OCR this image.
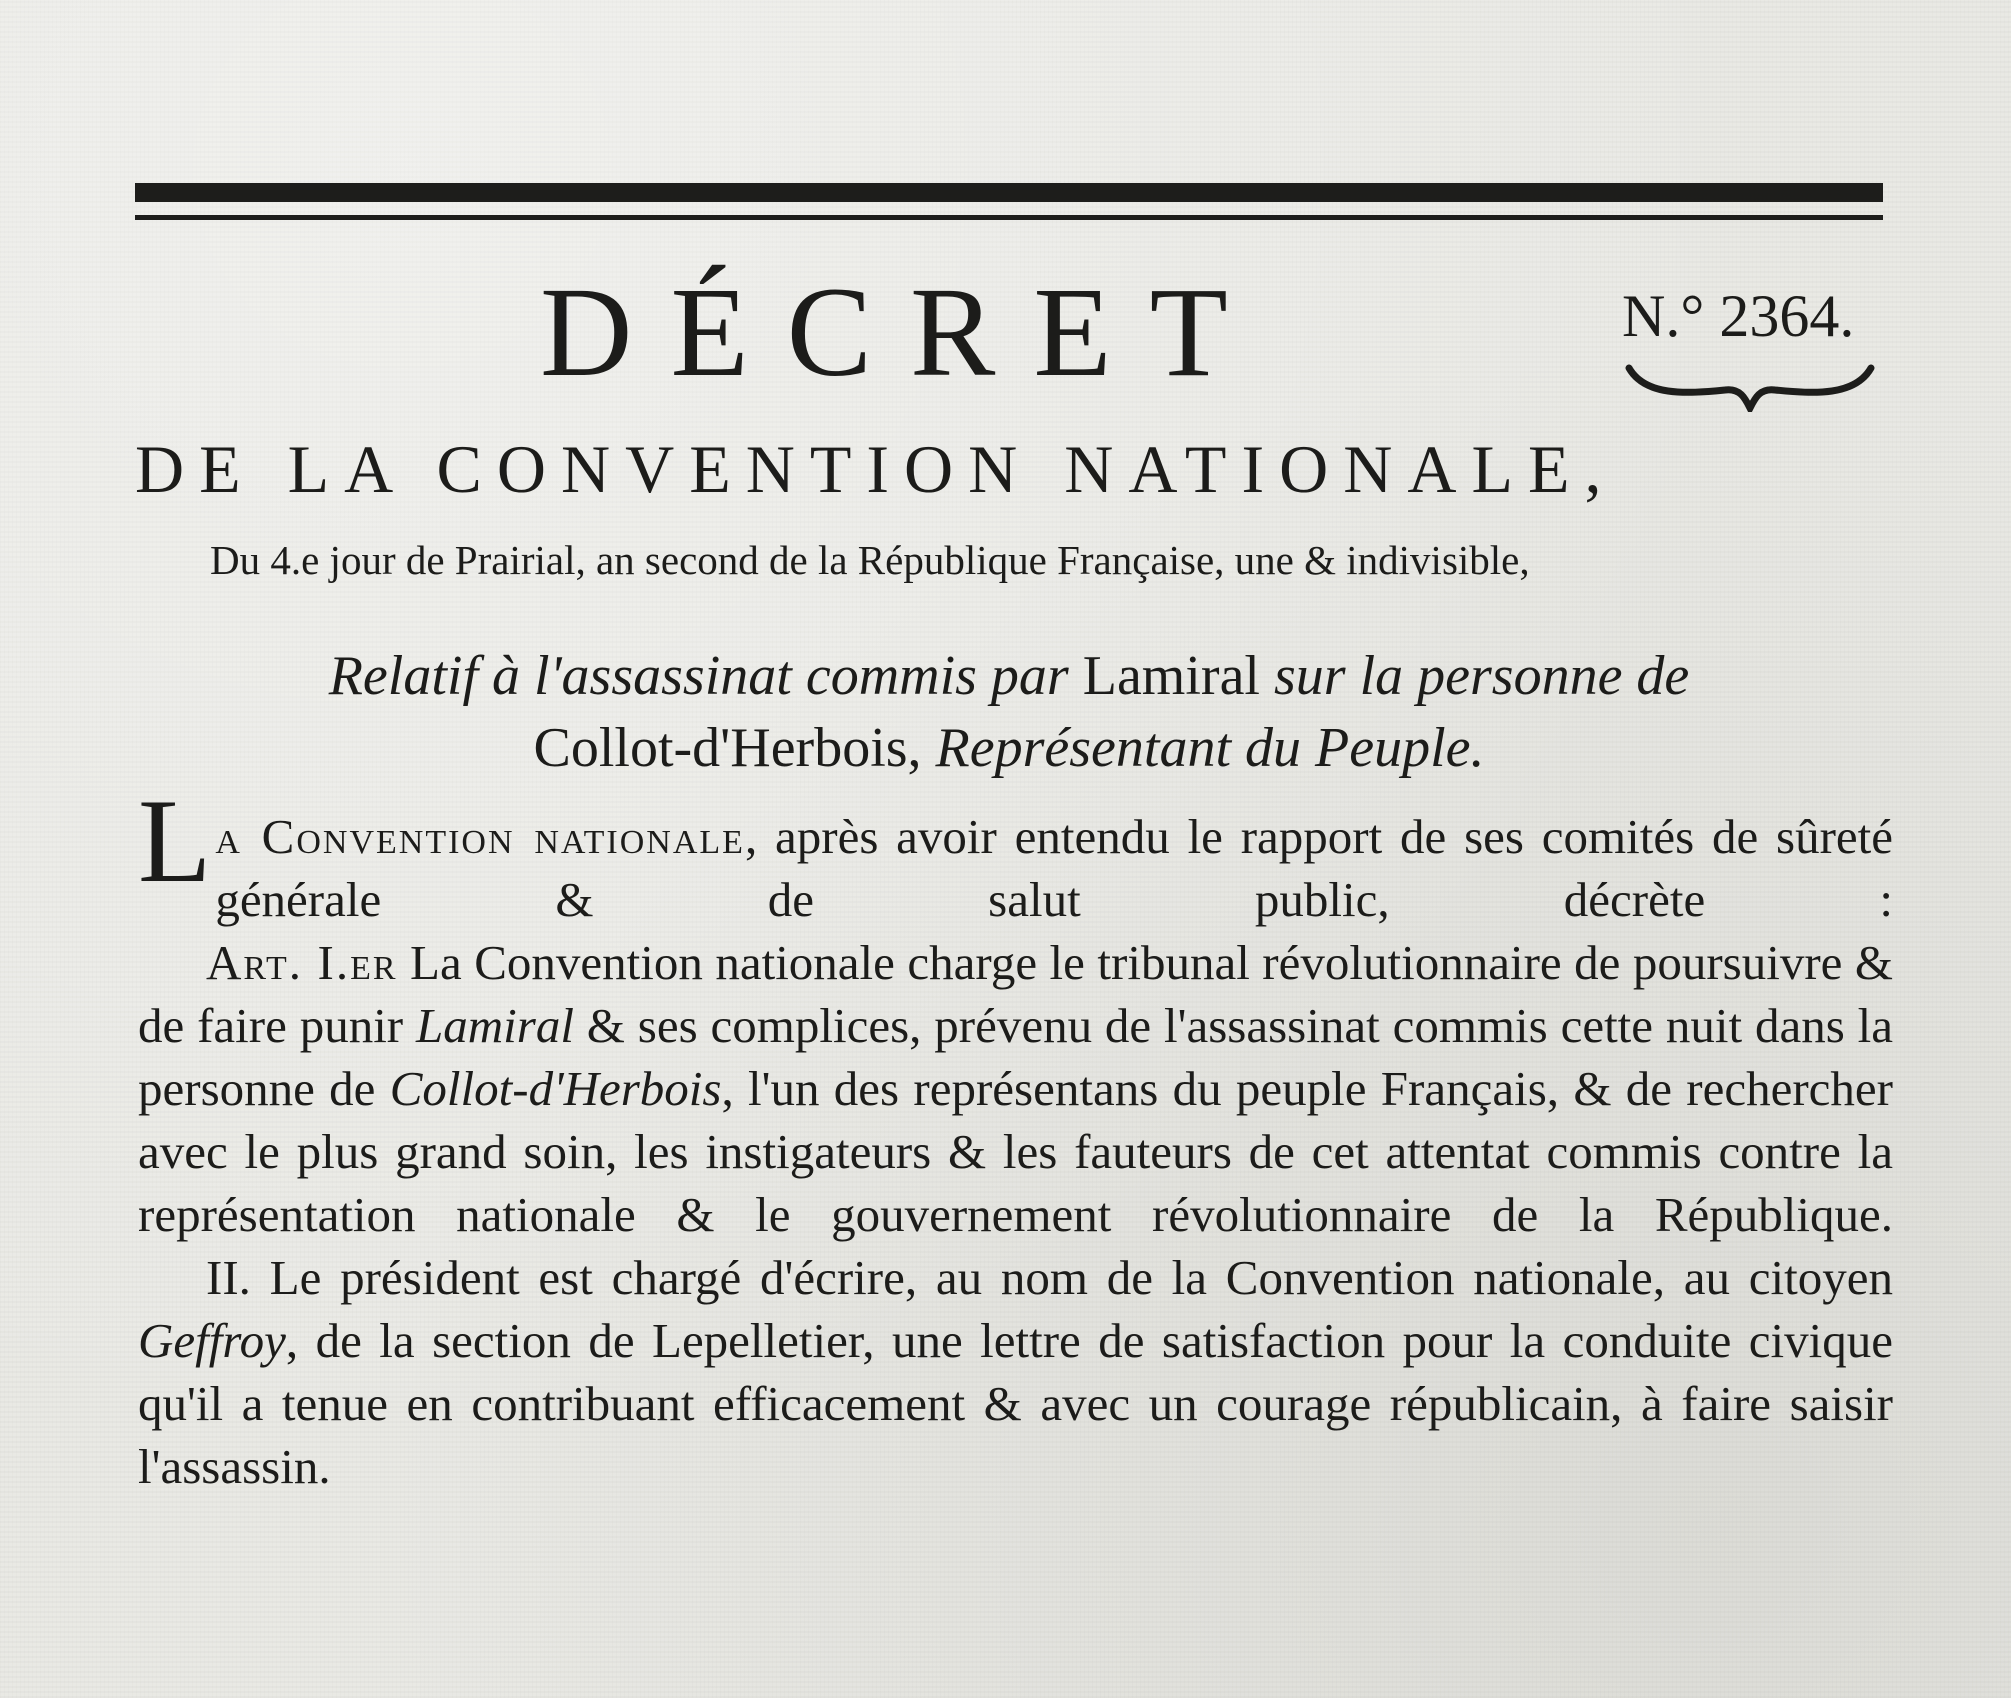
DÉCRET	N.° 2364.
DE LA CONVENTION NATIONALE,
Du 4.e jour de Prairial, an second de la République Française, une & indivisible,
Relatif à l'assassinat commis par Lamiral sur la personne de
Collot-d'Herbois, Représentant du Peuple.

La Convention nationale, après avoir entendu le rapport de ses comités de sûreté générale & de salut public, décrète :

Art. I.er La Convention nationale charge le tribunal révolutionnaire de poursuivre & de faire punir Lamiral & ses complices, prévenu de l'assassinat commis cette nuit dans la personne de Collot-d'Herbois, l'un des représentans du peuple Français, & de rechercher avec le plus grand soin, les instigateurs & les fauteurs de cet attentat commis contre la représentation nationale & le gouvernement révolutionnaire de la République.

II. Le président est chargé d'écrire, au nom de la Convention nationale, au citoyen Geffroy, de la section de Lepelletier, une lettre de satisfaction pour la conduite civique qu'il a tenue en contribuant efficacement & avec un courage républicain, à faire saisir l'assassin.
